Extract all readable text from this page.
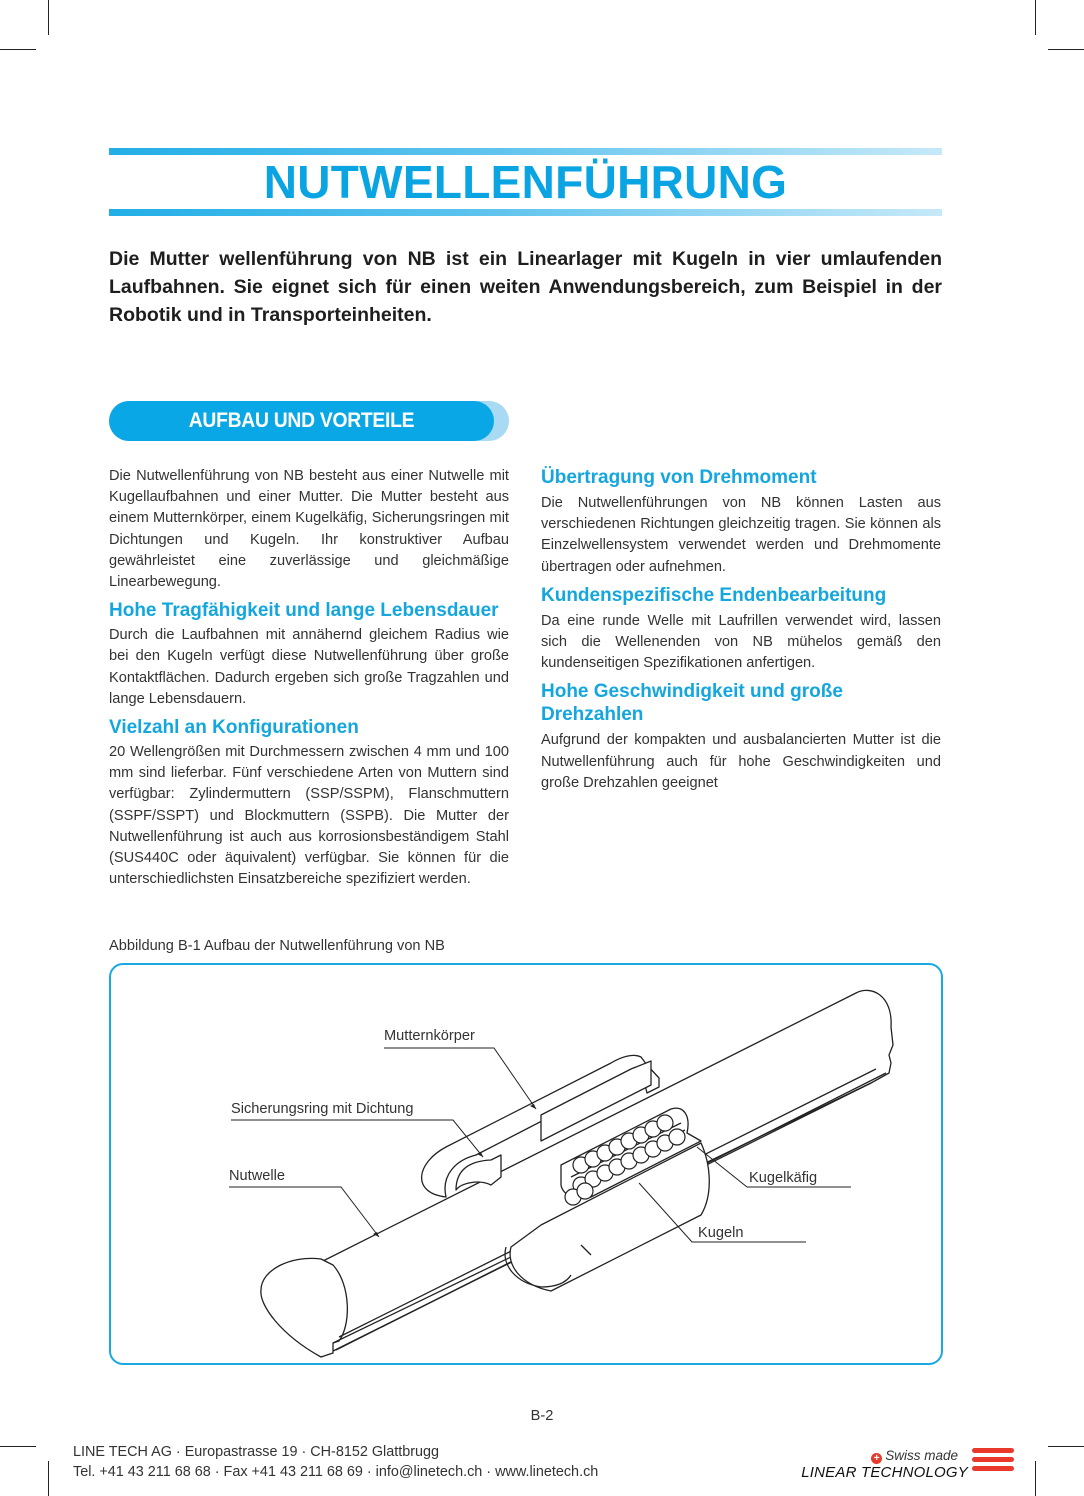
NUTWELLENFÜHRUNG
Die Mutter wellenführung von NB ist ein Linearlager mit Kugeln in vier umlaufenden Laufbahnen. Sie eignet sich für einen weiten Anwendungsbereich, zum Beispiel in der Robotik und in Transporteinheiten.
AUFBAU UND VORTEILE

Die Nutwellenführung von NB besteht aus einer Nutwelle mit Kugellaufbahnen und einer Mutter. Die Mutter besteht aus einem Mutternkörper, einem Kugelkäfig, Sicherungsringen mit Dichtungen und Kugeln. Ihr konstruktiver Aufbau gewährleistet eine zuverlässige und gleichmäßige Linearbewegung.

Hohe Tragfähigkeit und lange Lebensdauer

Durch die Laufbahnen mit annähernd gleichem Radius wie bei den Kugeln verfügt diese Nutwellenführung über große Kontaktflächen. Dadurch ergeben sich große Tragzahlen und lange Lebensdauern.

Vielzahl an Konfigurationen

20 Wellengrößen mit Durchmessern zwischen 4 mm und 100 mm sind lieferbar. Fünf verschiedene Arten von Muttern sind verfügbar: Zylindermuttern (SSP/SSPM), Flanschmuttern (SSPF/SSPT) und Blockmuttern (SSPB). Die Mutter der Nutwellenführung ist auch aus korrosionsbeständigem Stahl (SUS440C oder äquivalent) verfügbar. Sie können für die unterschiedlichsten Einsatzbereiche spezifiziert werden.

Übertragung von Drehmoment

Die Nutwellenführungen von NB können Lasten aus verschiedenen Richtungen gleichzeitig tragen. Sie können als Einzelwellensystem verwendet werden und Drehmomente übertragen oder aufnehmen.

Kundenspezifische Endenbearbeitung

Da eine runde Welle mit Laufrillen verwendet wird, lassen sich die Wellenenden von NB mühelos gemäß den kundenseitigen Spezifikationen anfertigen.

Hohe Geschwindigkeit und große Drehzahlen

Aufgrund der kompakten und ausbalancierten Mutter ist die Nutwellenführung auch für hohe Geschwindigkeiten und große Drehzahlen geeignet

Abbildung B-1 Aufbau der Nutwellenführung von NB
Mutternkörper
Sicherungsring mit Dichtung
Nutwelle	Kugelkäfig
Kugeln
B-2
LINE TECH AG · Europastrasse 19 · CH-8152 Glattbrugg
Tel. +41 43 211 68 68 · Fax +41 43 211 68 69 · info@linetech.ch · www.linetech.ch
+ Swiss made
LINEAR TECHNOLOGY
